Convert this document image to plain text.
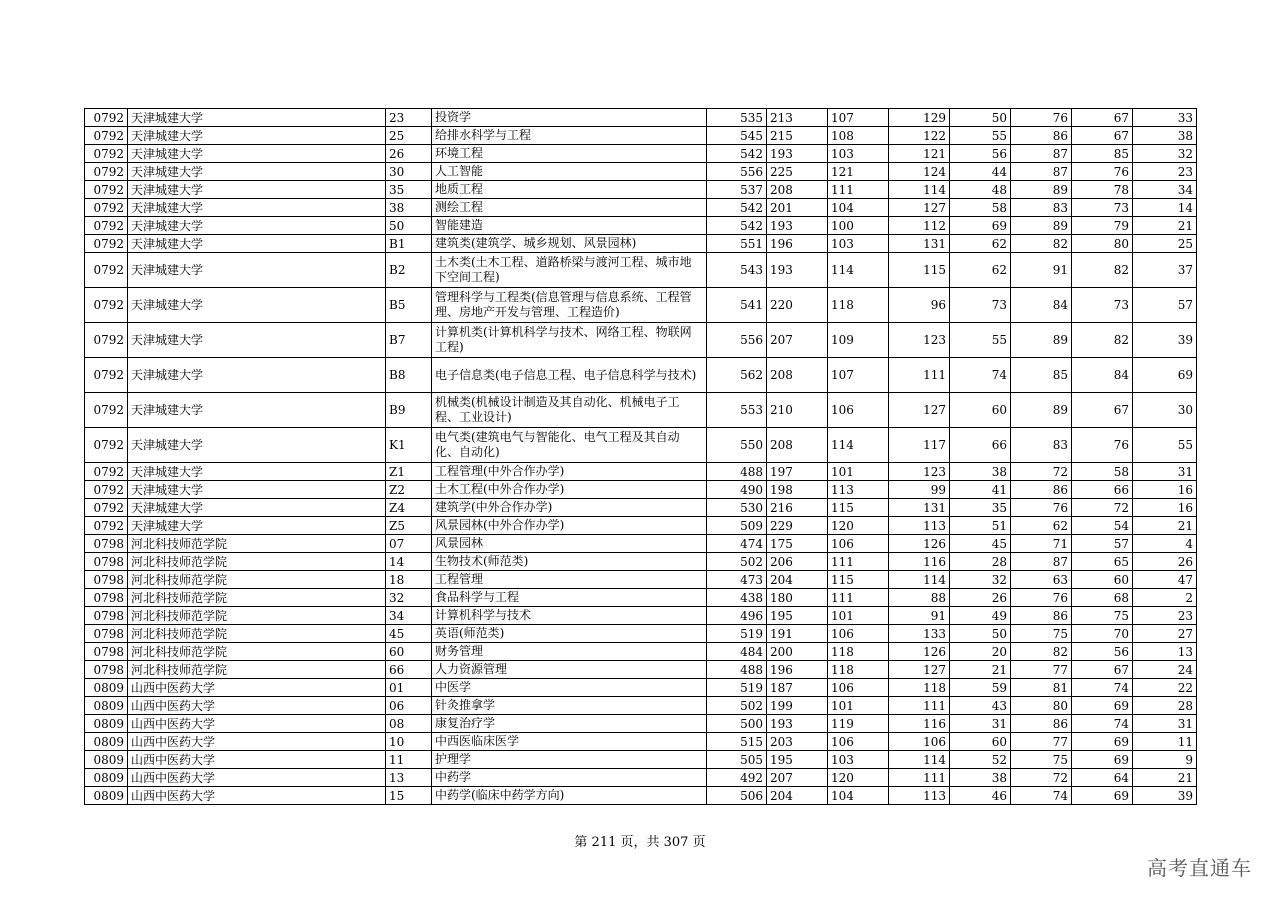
0792	天津城建大学	23	投资学	535	213	107	129	50	76	67	33
0792	天津城建大学	25	给排水科学与工程	545	215	108	122	55	86	67	38
0792	天津城建大学	26	环境工程	542	193	103	121	56	87	85	32
0792	天津城建大学	30	人工智能	556	225	121	124	44	87	76	23
0792	天津城建大学	35	地质工程	537	208	111	114	48	89	78	34
0792	天津城建大学	38	测绘工程	542	201	104	127	58	83	73	14
0792	天津城建大学	50	智能建造	542	193	100	112	69	89	79	21
0792	天津城建大学	B1	建筑类(建筑学、城乡规划、风景园林)	551	196	103	131	62	82	80	25
0792	天津城建大学	B2	土木类(土木工程、道路桥梁与渡河工程、城市地下空间工程)	543	193	114	115	62	91	82	37
0792	天津城建大学	B5	管理科学与工程类(信息管理与信息系统、工程管理、房地产开发与管理、工程造价)	541	220	118	96	73	84	73	57
0792	天津城建大学	B7	计算机类(计算机科学与技术、网络工程、物联网工程)	556	207	109	123	55	89	82	39
0792	天津城建大学	B8	电子信息类(电子信息工程、电子信息科学与技术)	562	208	107	111	74	85	84	69
0792	天津城建大学	B9	机械类(机械设计制造及其自动化、机械电子工程、工业设计)	553	210	106	127	60	89	67	30
0792	天津城建大学	K1	电气类(建筑电气与智能化、电气工程及其自动化、自动化)	550	208	114	117	66	83	76	55
0792	天津城建大学	Z1	工程管理(中外合作办学)	488	197	101	123	38	72	58	31
0792	天津城建大学	Z2	土木工程(中外合作办学)	490	198	113	99	41	86	66	16
0792	天津城建大学	Z4	建筑学(中外合作办学)	530	216	115	131	35	76	72	16
0792	天津城建大学	Z5	风景园林(中外合作办学)	509	229	120	113	51	62	54	21
0798	河北科技师范学院	07	风景园林	474	175	106	126	45	71	57	4
0798	河北科技师范学院	14	生物技术(师范类)	502	206	111	116	28	87	65	26
0798	河北科技师范学院	18	工程管理	473	204	115	114	32	63	60	47
0798	河北科技师范学院	32	食品科学与工程	438	180	111	88	26	76	68	2
0798	河北科技师范学院	34	计算机科学与技术	496	195	101	91	49	86	75	23
0798	河北科技师范学院	45	英语(师范类)	519	191	106	133	50	75	70	27
0798	河北科技师范学院	60	财务管理	484	200	118	126	20	82	56	13
0798	河北科技师范学院	66	人力资源管理	488	196	118	127	21	77	67	24
0809	山西中医药大学	01	中医学	519	187	106	118	59	81	74	22
0809	山西中医药大学	06	针灸推拿学	502	199	101	111	43	80	69	28
0809	山西中医药大学	08	康复治疗学	500	193	119	116	31	86	74	31
0809	山西中医药大学	10	中西医临床医学	515	203	106	106	60	77	69	11
0809	山西中医药大学	11	护理学	505	195	103	114	52	75	69	9
0809	山西中医药大学	13	中药学	492	207	120	111	38	72	64	21
0809	山西中医药大学	15	中药学(临床中药学方向)	506	204	104	113	46	74	69	39
第 211 页，共 307 页
高考直通车
